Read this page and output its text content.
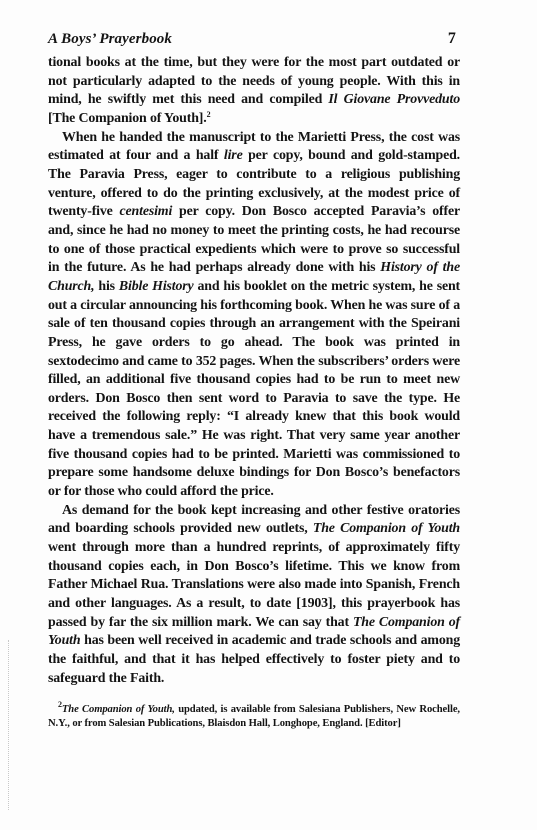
A Boys’ Prayerbook	7

tional books at the time, but they were for the most part outdated or not particularly adapted to the needs of young people. With this in mind, he swiftly met this need and compiled Il Giovane Provveduto [The Companion of Youth].$^2$

When he handed the manuscript to the Marietti Press, the cost was estimated at four and a half lire per copy, bound and gold-stamped. The Paravia Press, eager to contribute to a religious publishing venture, offered to do the printing exclusively, at the modest price of twenty-five centesimi per copy. Don Bosco accepted Paravia’s offer and, since he had no money to meet the printing costs, he had recourse to one of those practical expedients which were to prove so successful in the future. As he had perhaps already done with his History of the Church, his Bible History and his booklet on the metric system, he sent out a circular announcing his forthcoming book. When he was sure of a sale of ten thousand copies through an arrangement with the Speirani Press, he gave orders to go ahead. The book was printed in sextodecimo and came to 352 pages. When the subscribers’ orders were filled, an additional five thousand copies had to be run to meet new orders. Don Bosco then sent word to Paravia to save the type. He received the following reply: “I already knew that this book would have a tremendous sale.” He was right. That very same year another five thousand copies had to be printed. Marietti was commissioned to prepare some handsome deluxe bindings for Don Bosco’s benefactors or for those who could afford the price.

As demand for the book kept increasing and other festive oratories and boarding schools provided new outlets, The Companion of Youth went through more than a hundred reprints, of approximately fifty thousand copies each, in Don Bosco’s lifetime. This we know from Father Michael Rua. Translations were also made into Spanish, French and other languages. As a result, to date [1903], this prayerbook has passed by far the six million mark. We can say that The Companion of Youth has been well received in academic and trade schools and among the faithful, and that it has helped effectively to foster piety and to safeguard the Faith.

$^2$The Companion of Youth, updated, is available from Salesiana Publishers, New Rochelle, N.Y., or from Salesian Publications, Blaisdon Hall, Longhope, England. [Editor]
